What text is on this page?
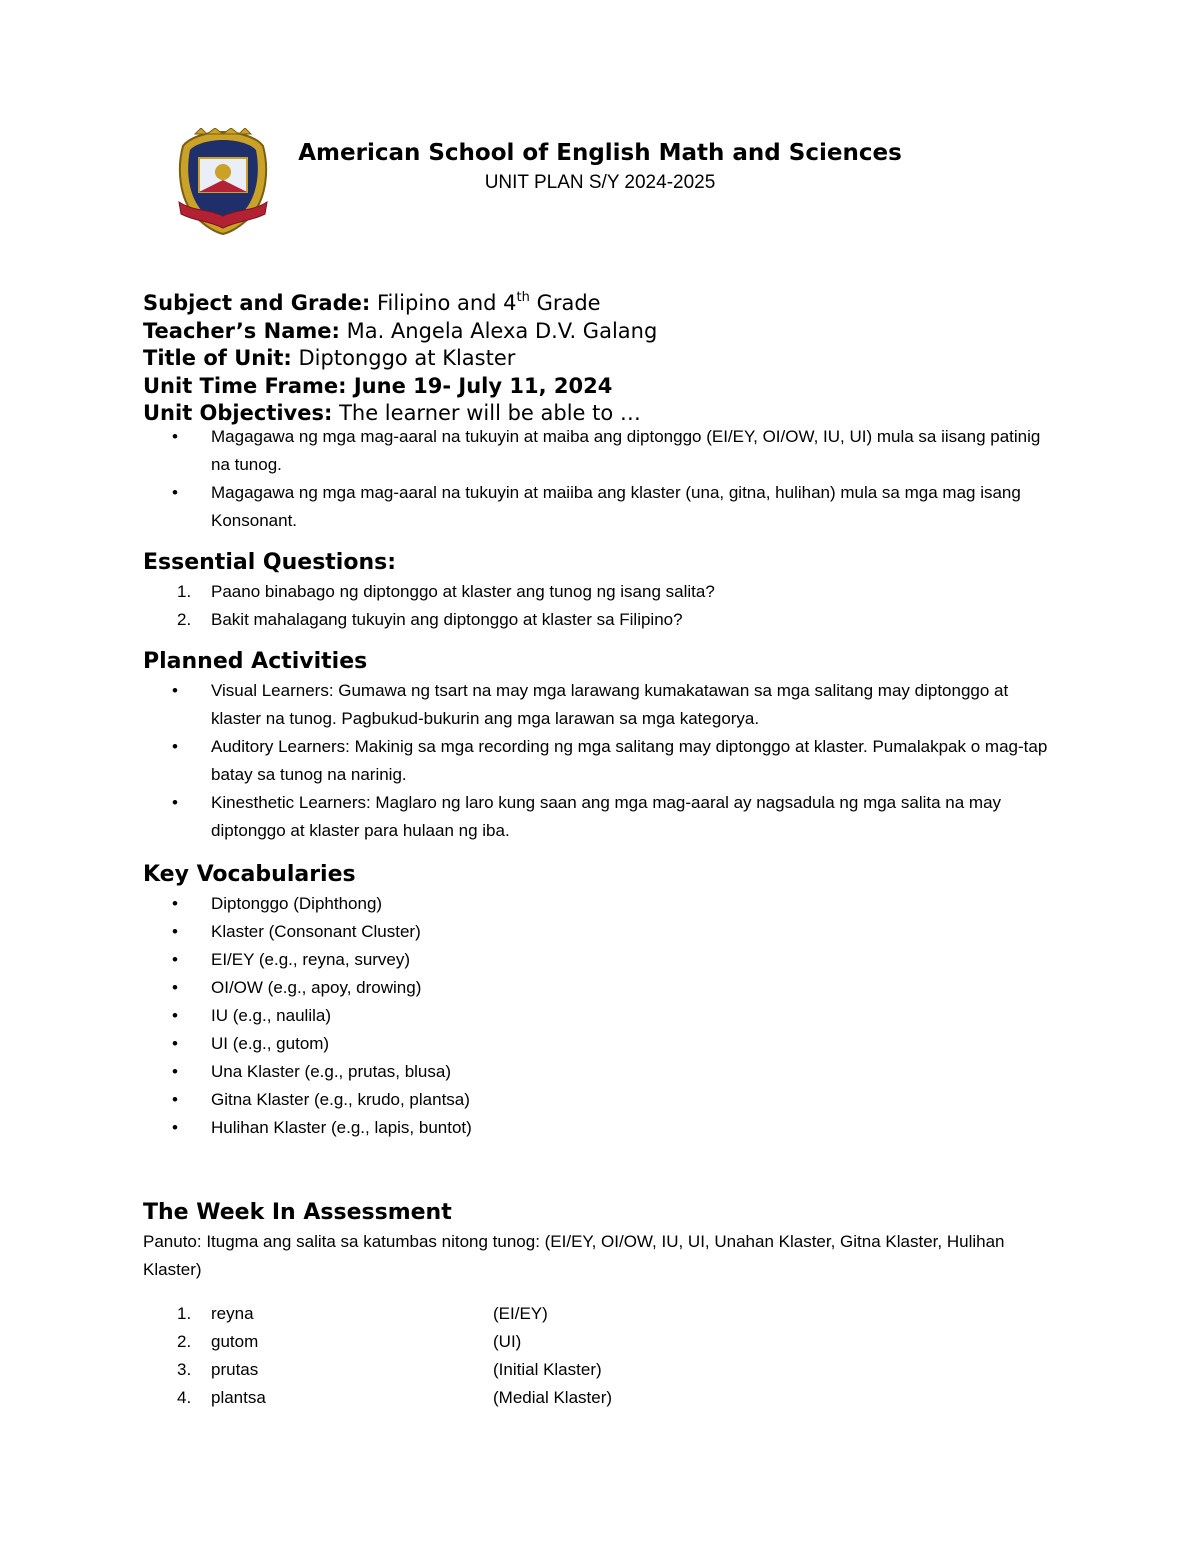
American School of English Math and Sciences
UNIT PLAN S/Y 2024-2025
Subject and Grade: Filipino and 4th Grade
Teacher’s Name: Ma. Angela Alexa D.V. Galang
Title of Unit: Diptonggo at Klaster
Unit Time Frame: June 19- July 11, 2024
Unit Objectives: The learner will be able to …
• Magagawa ng mga mag-aaral na tukuyin at maiba ang diptonggo (EI/EY, OI/OW, IU, UI) mula sa iisang patinig na tunog.
• Magagawa ng mga mag-aaral na tukuyin at maiiba ang klaster (una, gitna, hulihan) mula sa mga mag isang Konsonant.
Essential Questions:
1. Paano binabago ng diptonggo at klaster ang tunog ng isang salita?
2. Bakit mahalagang tukuyin ang diptonggo at klaster sa Filipino?
Planned Activities
• Visual Learners: Gumawa ng tsart na may mga larawang kumakatawan sa mga salitang may diptonggo at klaster na tunog. Pagbukud-bukurin ang mga larawan sa mga kategorya.
• Auditory Learners: Makinig sa mga recording ng mga salitang may diptonggo at klaster. Pumalakpak o mag-tap batay sa tunog na narinig.
• Kinesthetic Learners: Maglaro ng laro kung saan ang mga mag-aaral ay nagsadula ng mga salita na may diptonggo at klaster para hulaan ng iba.
Key Vocabularies
• Diptonggo (Diphthong)
• Klaster (Consonant Cluster)
• EI/EY (e.g., reyna, survey)
• OI/OW (e.g., apoy, drowing)
• IU (e.g., naulila)
• UI (e.g., gutom)
• Una Klaster (e.g., prutas, blusa)
• Gitna Klaster (e.g., krudo, plantsa)
• Hulihan Klaster (e.g., lapis, buntot)
The Week In Assessment
Panuto: Itugma ang salita sa katumbas nitong tunog: (EI/EY, OI/OW, IU, UI, Unahan Klaster, Gitna Klaster, Hulihan Klaster)
1. reyna	(EI/EY)
2. gutom	(UI)
3. prutas	(Initial Klaster)
4. plantsa	(Medial Klaster)
